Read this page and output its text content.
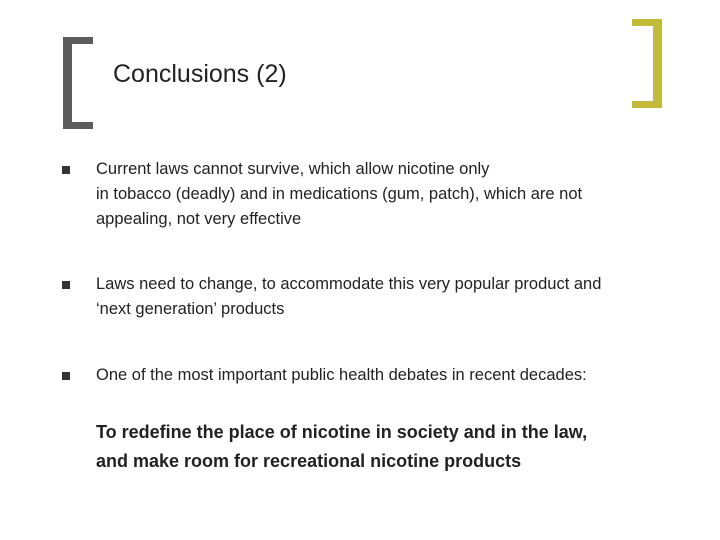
Conclusions (2)
Current laws cannot survive, which allow nicotine only
in tobacco (deadly) and in medications (gum, patch), which are not
appealing, not very effective
Laws need to change, to accommodate this very popular product and
‘next generation’ products
One of the most important public health debates in recent decades:
To redefine the place of nicotine in society and in the law,
and make room for recreational nicotine products
